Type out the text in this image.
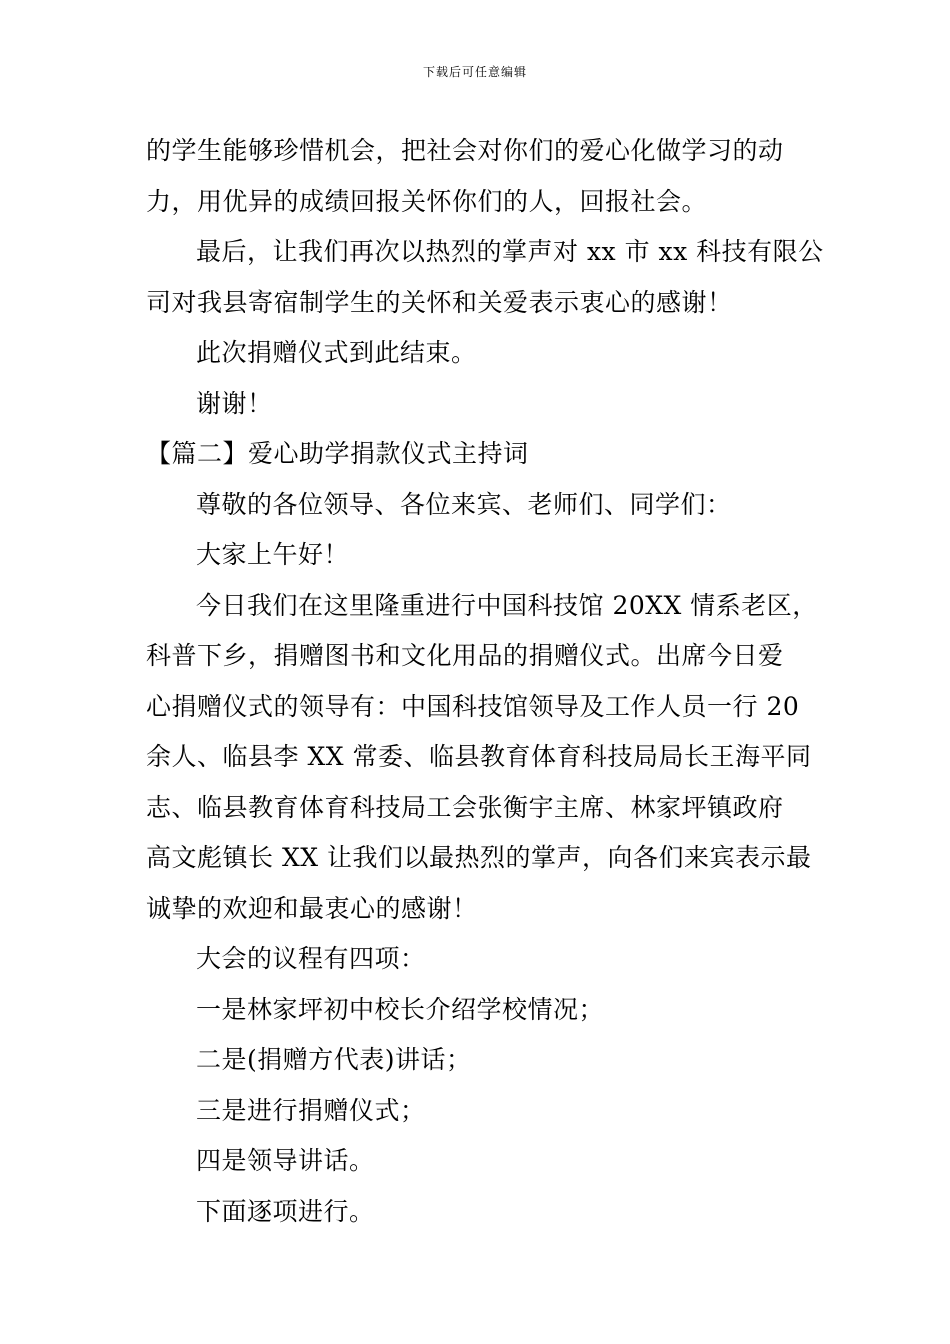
下载后可任意编辑
的学生能够珍惜机会，把社会对你们的爱心化做学习的动
力，用优异的成绩回报关怀你们的人，回报社会。
最后，让我们再次以热烈的掌声对 xx 市 xx 科技有限公
司对我县寄宿制学生的关怀和关爱表示衷心的感谢！
此次捐赠仪式到此结束。
谢谢！
【篇二】爱心助学捐款仪式主持词
尊敬的各位领导、各位来宾、老师们、同学们：
大家上午好！
今日我们在这里隆重进行中国科技馆 20XX 情系老区，
科普下乡，捐赠图书和文化用品的捐赠仪式。出席今日爱
心捐赠仪式的领导有：中国科技馆领导及工作人员一行 20
余人、临县李 XX 常委、临县教育体育科技局局长王海平同
志、临县教育体育科技局工会张衡宇主席、林家坪镇政府
高文彪镇长 XX 让我们以最热烈的掌声，向各们来宾表示最
诚挚的欢迎和最衷心的感谢！
大会的议程有四项：
一是林家坪初中校长介绍学校情况；
二是(捐赠方代表)讲话；
三是进行捐赠仪式；
四是领导讲话。
下面逐项进行。
